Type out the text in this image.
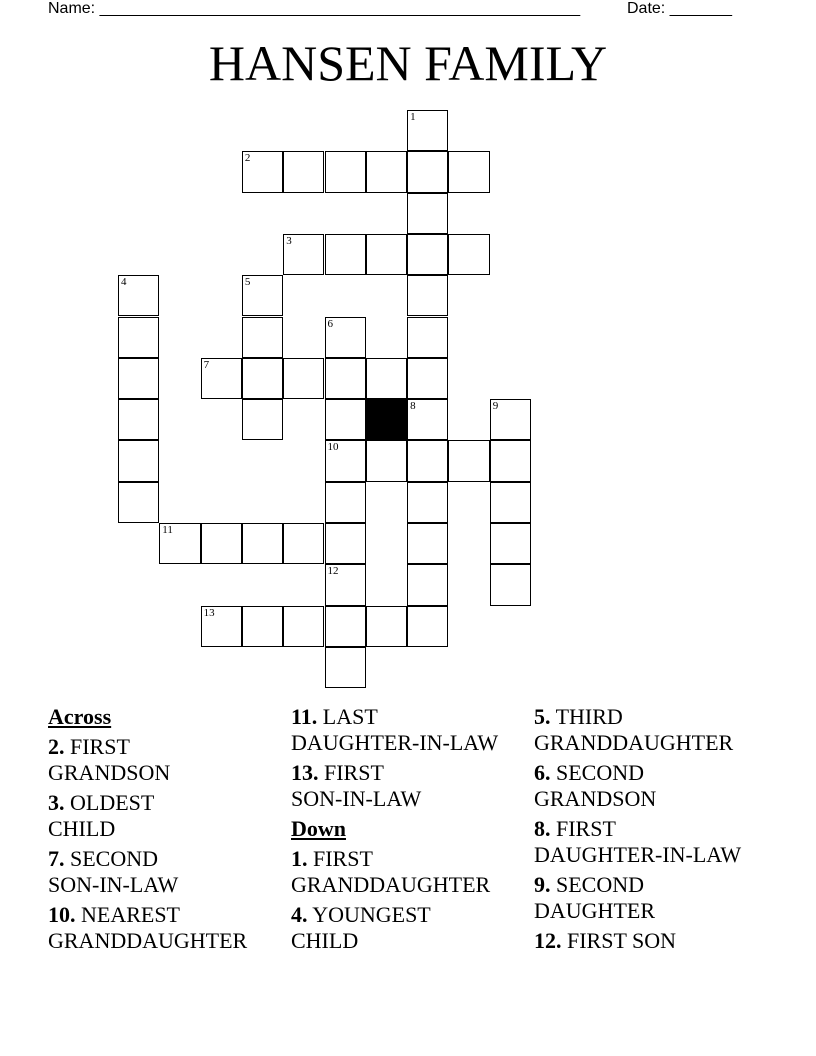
Name: ______________________________________________________	Date: _______
HANSEN FAMILY
1
2
3
4	5
6
10
12
7
8	9
11
13
Across
2. FIRST
GRANDSON
3. OLDEST
CHILD
7. SECOND
SON-IN-LAW
10. NEAREST
GRANDDAUGHTER
11. LAST
DAUGHTER-IN-LAW
13. FIRST
SON-IN-LAW
Down
1. FIRST
GRANDDAUGHTER
4. YOUNGEST
CHILD
5. THIRD
GRANDDAUGHTER
6. SECOND
GRANDSON
8. FIRST
DAUGHTER-IN-LAW
9. SECOND
DAUGHTER
12. FIRST SON
